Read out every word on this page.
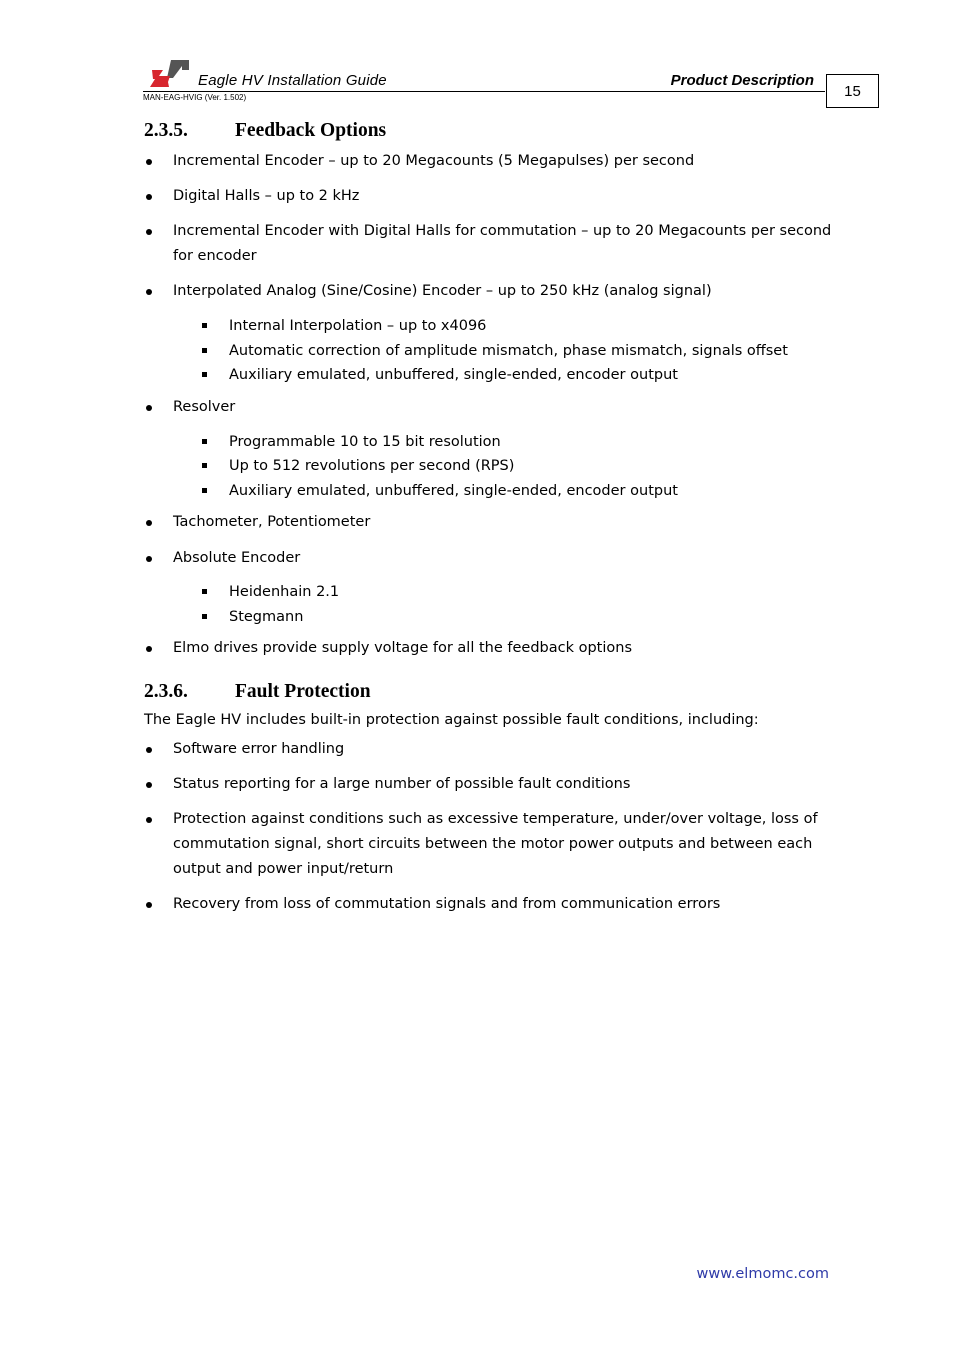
Eagle HV Installation Guide	Product Description
MAN-EAG-HVIG (Ver. 1.502)	15
2.3.5.	Feedback Options
Incremental Encoder – up to 20 Megacounts (5 Megapulses) per second
Digital Halls – up to 2 kHz
Incremental Encoder with Digital Halls for commutation – up to 20 Megacounts per second for encoder
Interpolated Analog (Sine/Cosine) Encoder – up to 250 kHz (analog signal)
Internal Interpolation – up to x4096
Automatic correction of amplitude mismatch, phase mismatch, signals offset
Auxiliary emulated, unbuffered, single-ended, encoder output
Resolver
Programmable 10 to 15 bit resolution
Up to 512 revolutions per second (RPS)
Auxiliary emulated, unbuffered, single-ended, encoder output
Tachometer, Potentiometer
Absolute Encoder
Heidenhain 2.1
Stegmann
Elmo drives provide supply voltage for all the feedback options
2.3.6.	Fault Protection

The Eagle HV includes built-in protection against possible fault conditions, including:

Software error handling
Status reporting for a large number of possible fault conditions
Protection against conditions such as excessive temperature, under/over voltage, loss of commutation signal, short circuits between the motor power outputs and between each output and power input/return
Recovery from loss of commutation signals and from communication errors
www.elmomc.com
